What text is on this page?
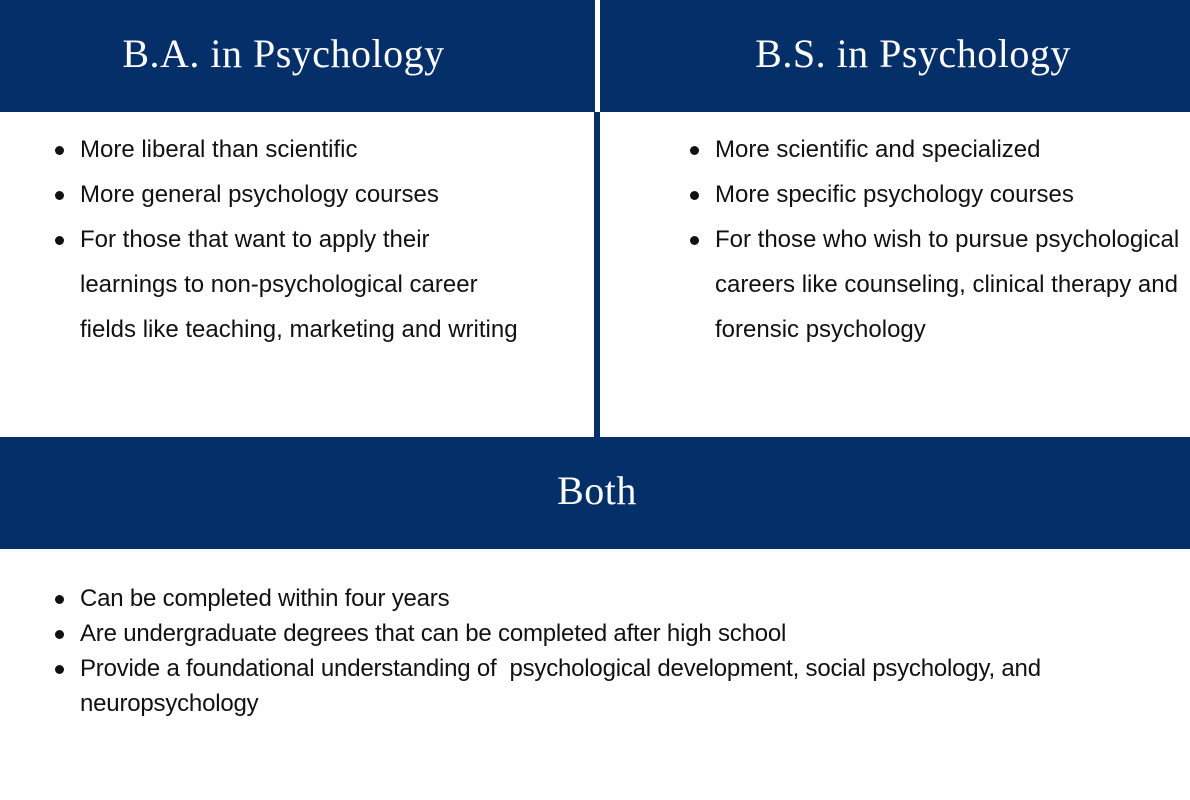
B.A. in Psychology	B.S. in Psychology
More liberal than scientific
More general psychology courses
For those that want to apply their learnings to non-psychological career fields like teaching, marketing and writing
More scientific and specialized
More specific psychology courses
For those who wish to pursue psychological careers like counseling, clinical therapy and forensic psychology
Both
Can be completed within four years
Are undergraduate degrees that can be completed after high school
Provide a foundational understanding of  psychological development, social psychology, and neuropsychology
